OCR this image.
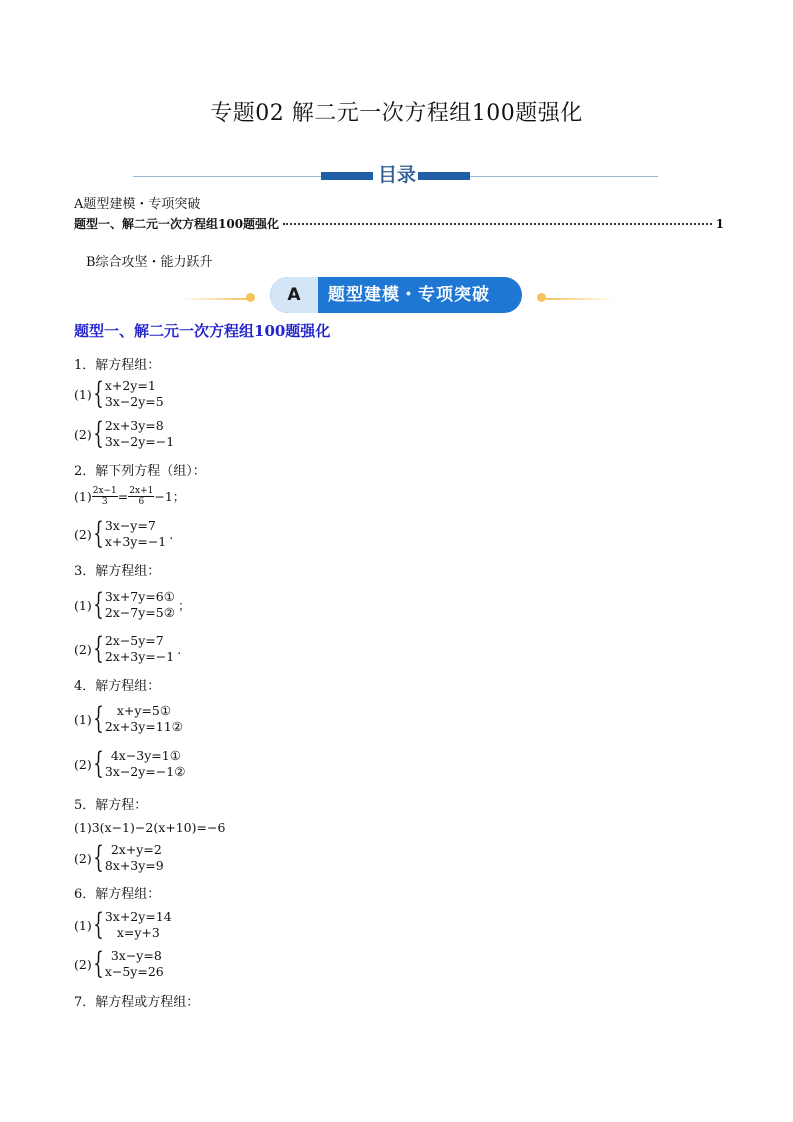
专题02 解二元一次方程组100题强化
目录
A题型建模・专项突破
题型一、解二元一次方程组100题强化	1
B综合攻坚・能力跃升
A	题型建模・专项突破
题型一、解二元一次方程组100题强化
1．解方程组：
(1) { x+2y=1
3x−2y=5
(2) { 2x+3y=8
3x−2y=−1
2．解下列方程（组）：
$(1) \frac{2x-1}{3} = \frac{2x+1}{6} -1$；
(2) { 3x−y=7
x+3y=−1 .
3．解方程组：
(1) { 3x+7y=6①
2x−7y=5② ；
(2) { 2x−5y=7
2x+3y=−1 .
4．解方程组：
(1) {	x+y=5①
2x+3y=11②
(2) { 4x−3y=1①
3x−2y=−1②
5．解方程：
(1)3(x−1)−2(x+10)=−6
(2) { 2x+y=2
8x+3y=9
6．解方程组：
(1) { 3x+2y=14
x=y+3
(2) { 3x−y=8
x−5y=26
7．解方程或方程组：
